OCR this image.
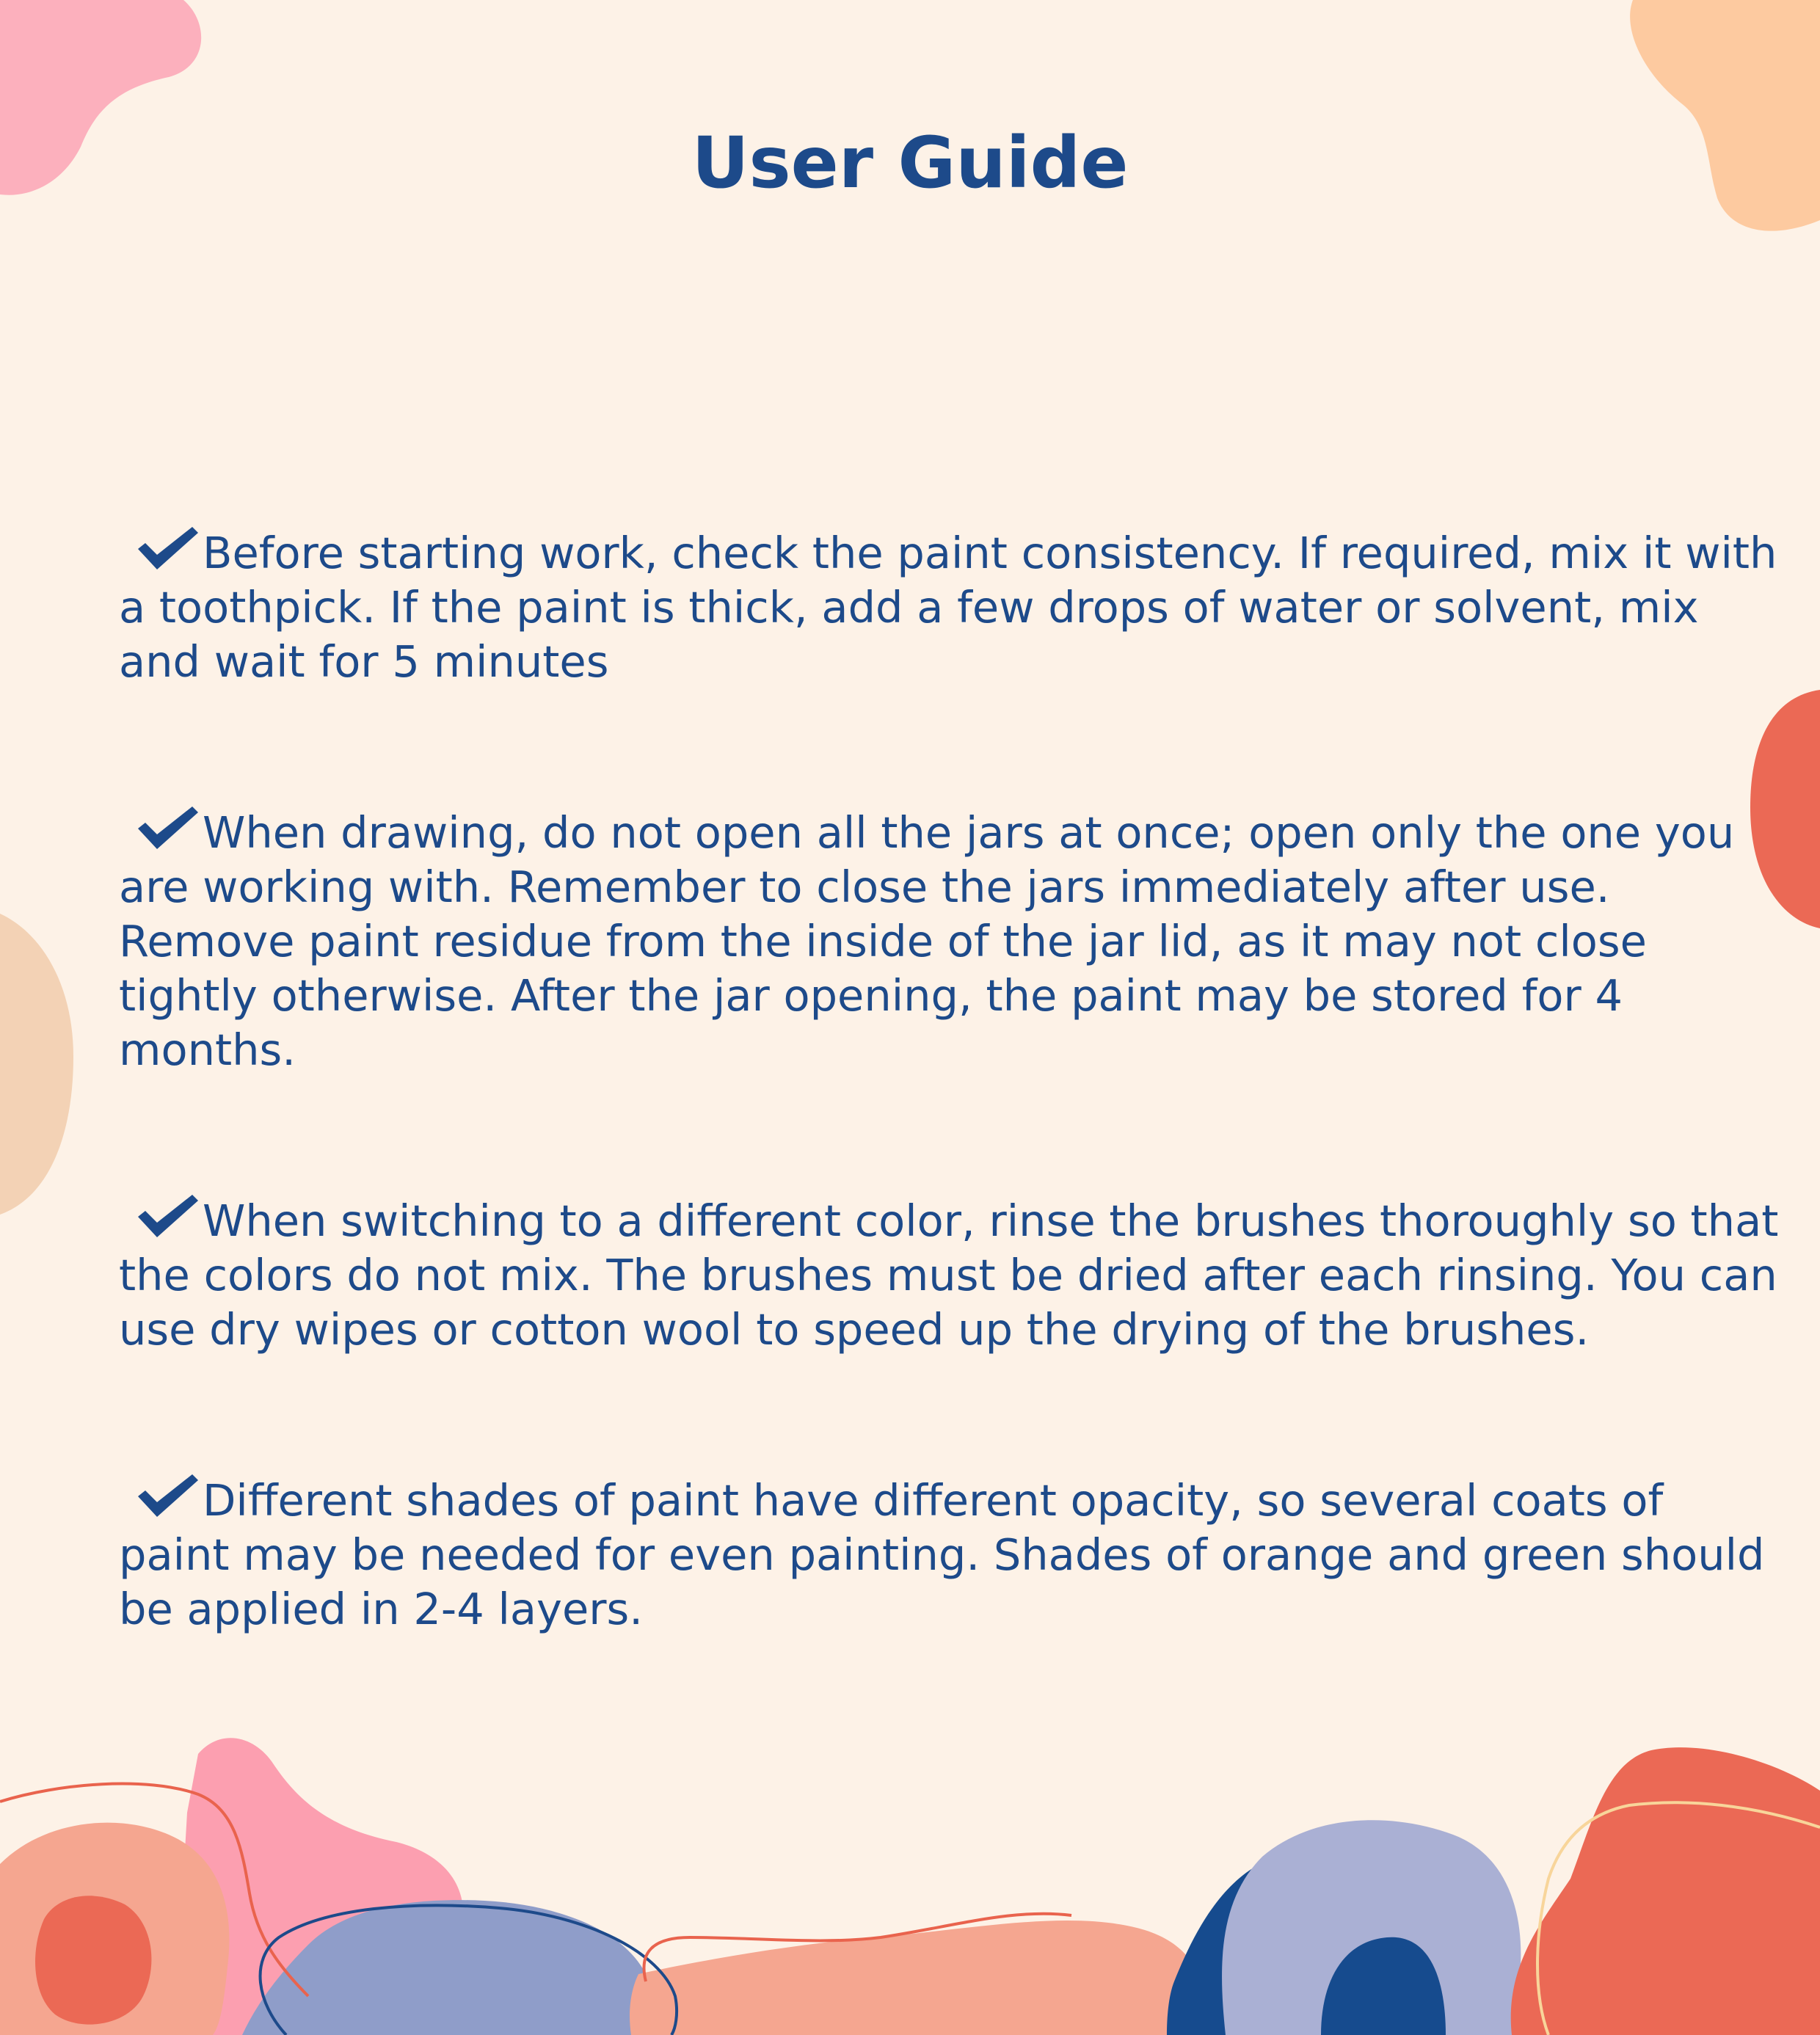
User Guide

Before starting work, check the paint consistency. If required, mix it with a toothpick. If the paint is thick, add a few drops of water or solvent, mix and wait for 5 minutes

When drawing, do not open all the jars at once; open only the one you are working with. Remember to close the jars immediately after use. Remove paint residue from the inside of the jar lid, as it may not close tightly otherwise. After the jar opening, the paint may be stored for 4 months.

When switching to a different color, rinse the brushes thoroughly so that the colors do not mix. The brushes must be dried after each rinsing. You can use dry wipes or cotton wool to speed up the drying of the brushes.

Different shades of paint have different opacity, so several coats of paint may be needed for even painting. Shades of orange and green should be applied in 2-4 layers.
